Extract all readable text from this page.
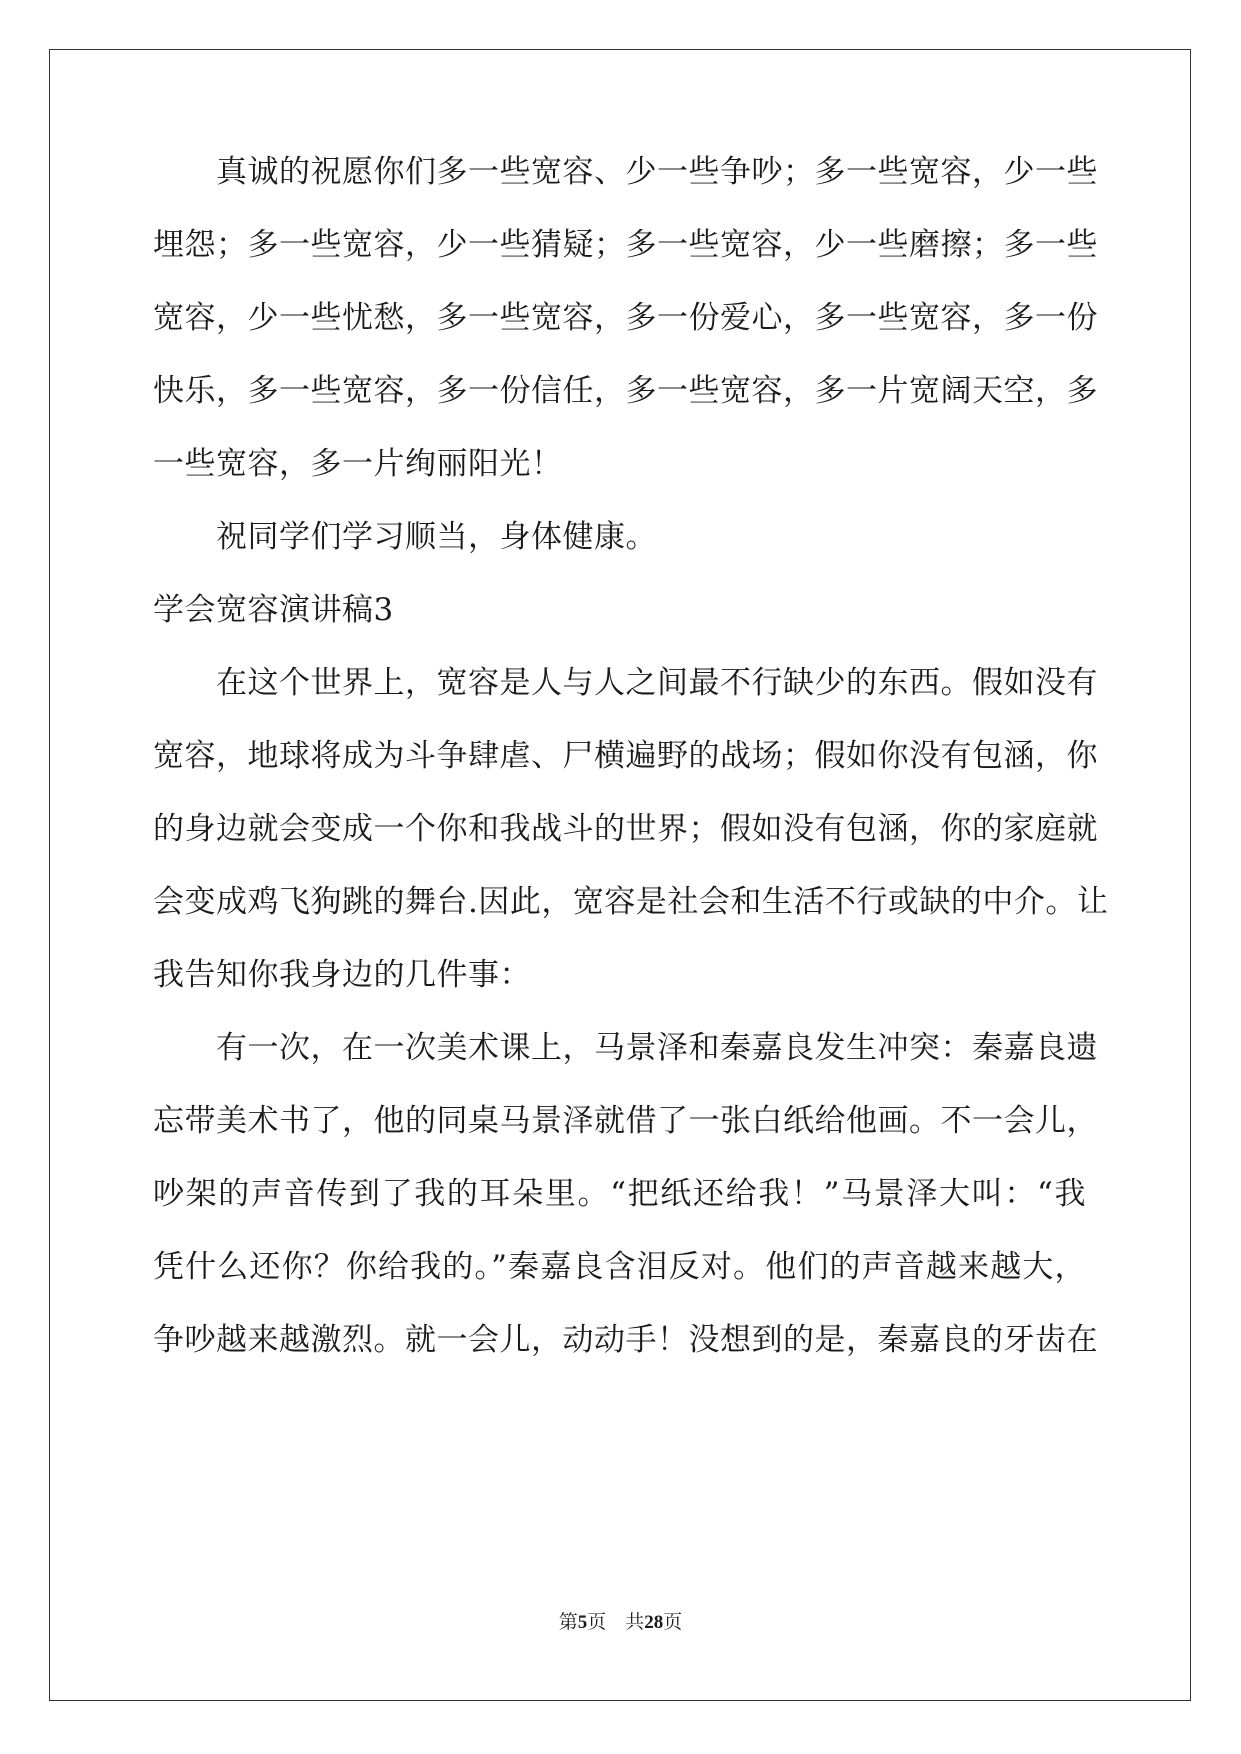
　　真诚的祝愿你们多一些宽容、少一些争吵；多一些宽容，少一些
埋怨；多一些宽容，少一些猜疑；多一些宽容，少一些磨擦；多一些
宽容，少一些忧愁，多一些宽容，多一份爱心，多一些宽容，多一份
快乐，多一些宽容，多一份信任，多一些宽容，多一片宽阔天空，多
一些宽容，多一片绚丽阳光！
　　祝同学们学习顺当，身体健康。
学会宽容演讲稿3
　　在这个世界上，宽容是人与人之间最不行缺少的东西。假如没有
宽容，地球将成为斗争肆虐、尸横遍野的战场；假如你没有包涵，你
的身边就会变成一个你和我战斗的世界；假如没有包涵，你的家庭就
会变成鸡飞狗跳的舞台.因此，宽容是社会和生活不行或缺的中介。让
我告知你我身边的几件事：
　　有一次，在一次美术课上，马景泽和秦嘉良发生冲突：秦嘉良遗
忘带美术书了，他的同桌马景泽就借了一张白纸给他画。不一会儿，
吵架的声音传到了我的耳朵里。“把纸还给我！”马景泽大叫：“我
凭什么还你？你给我的。”秦嘉良含泪反对。他们的声音越来越大，
争吵越来越激烈。就一会儿，动动手！没想到的是，秦嘉良的牙齿在
第5页　共28页
